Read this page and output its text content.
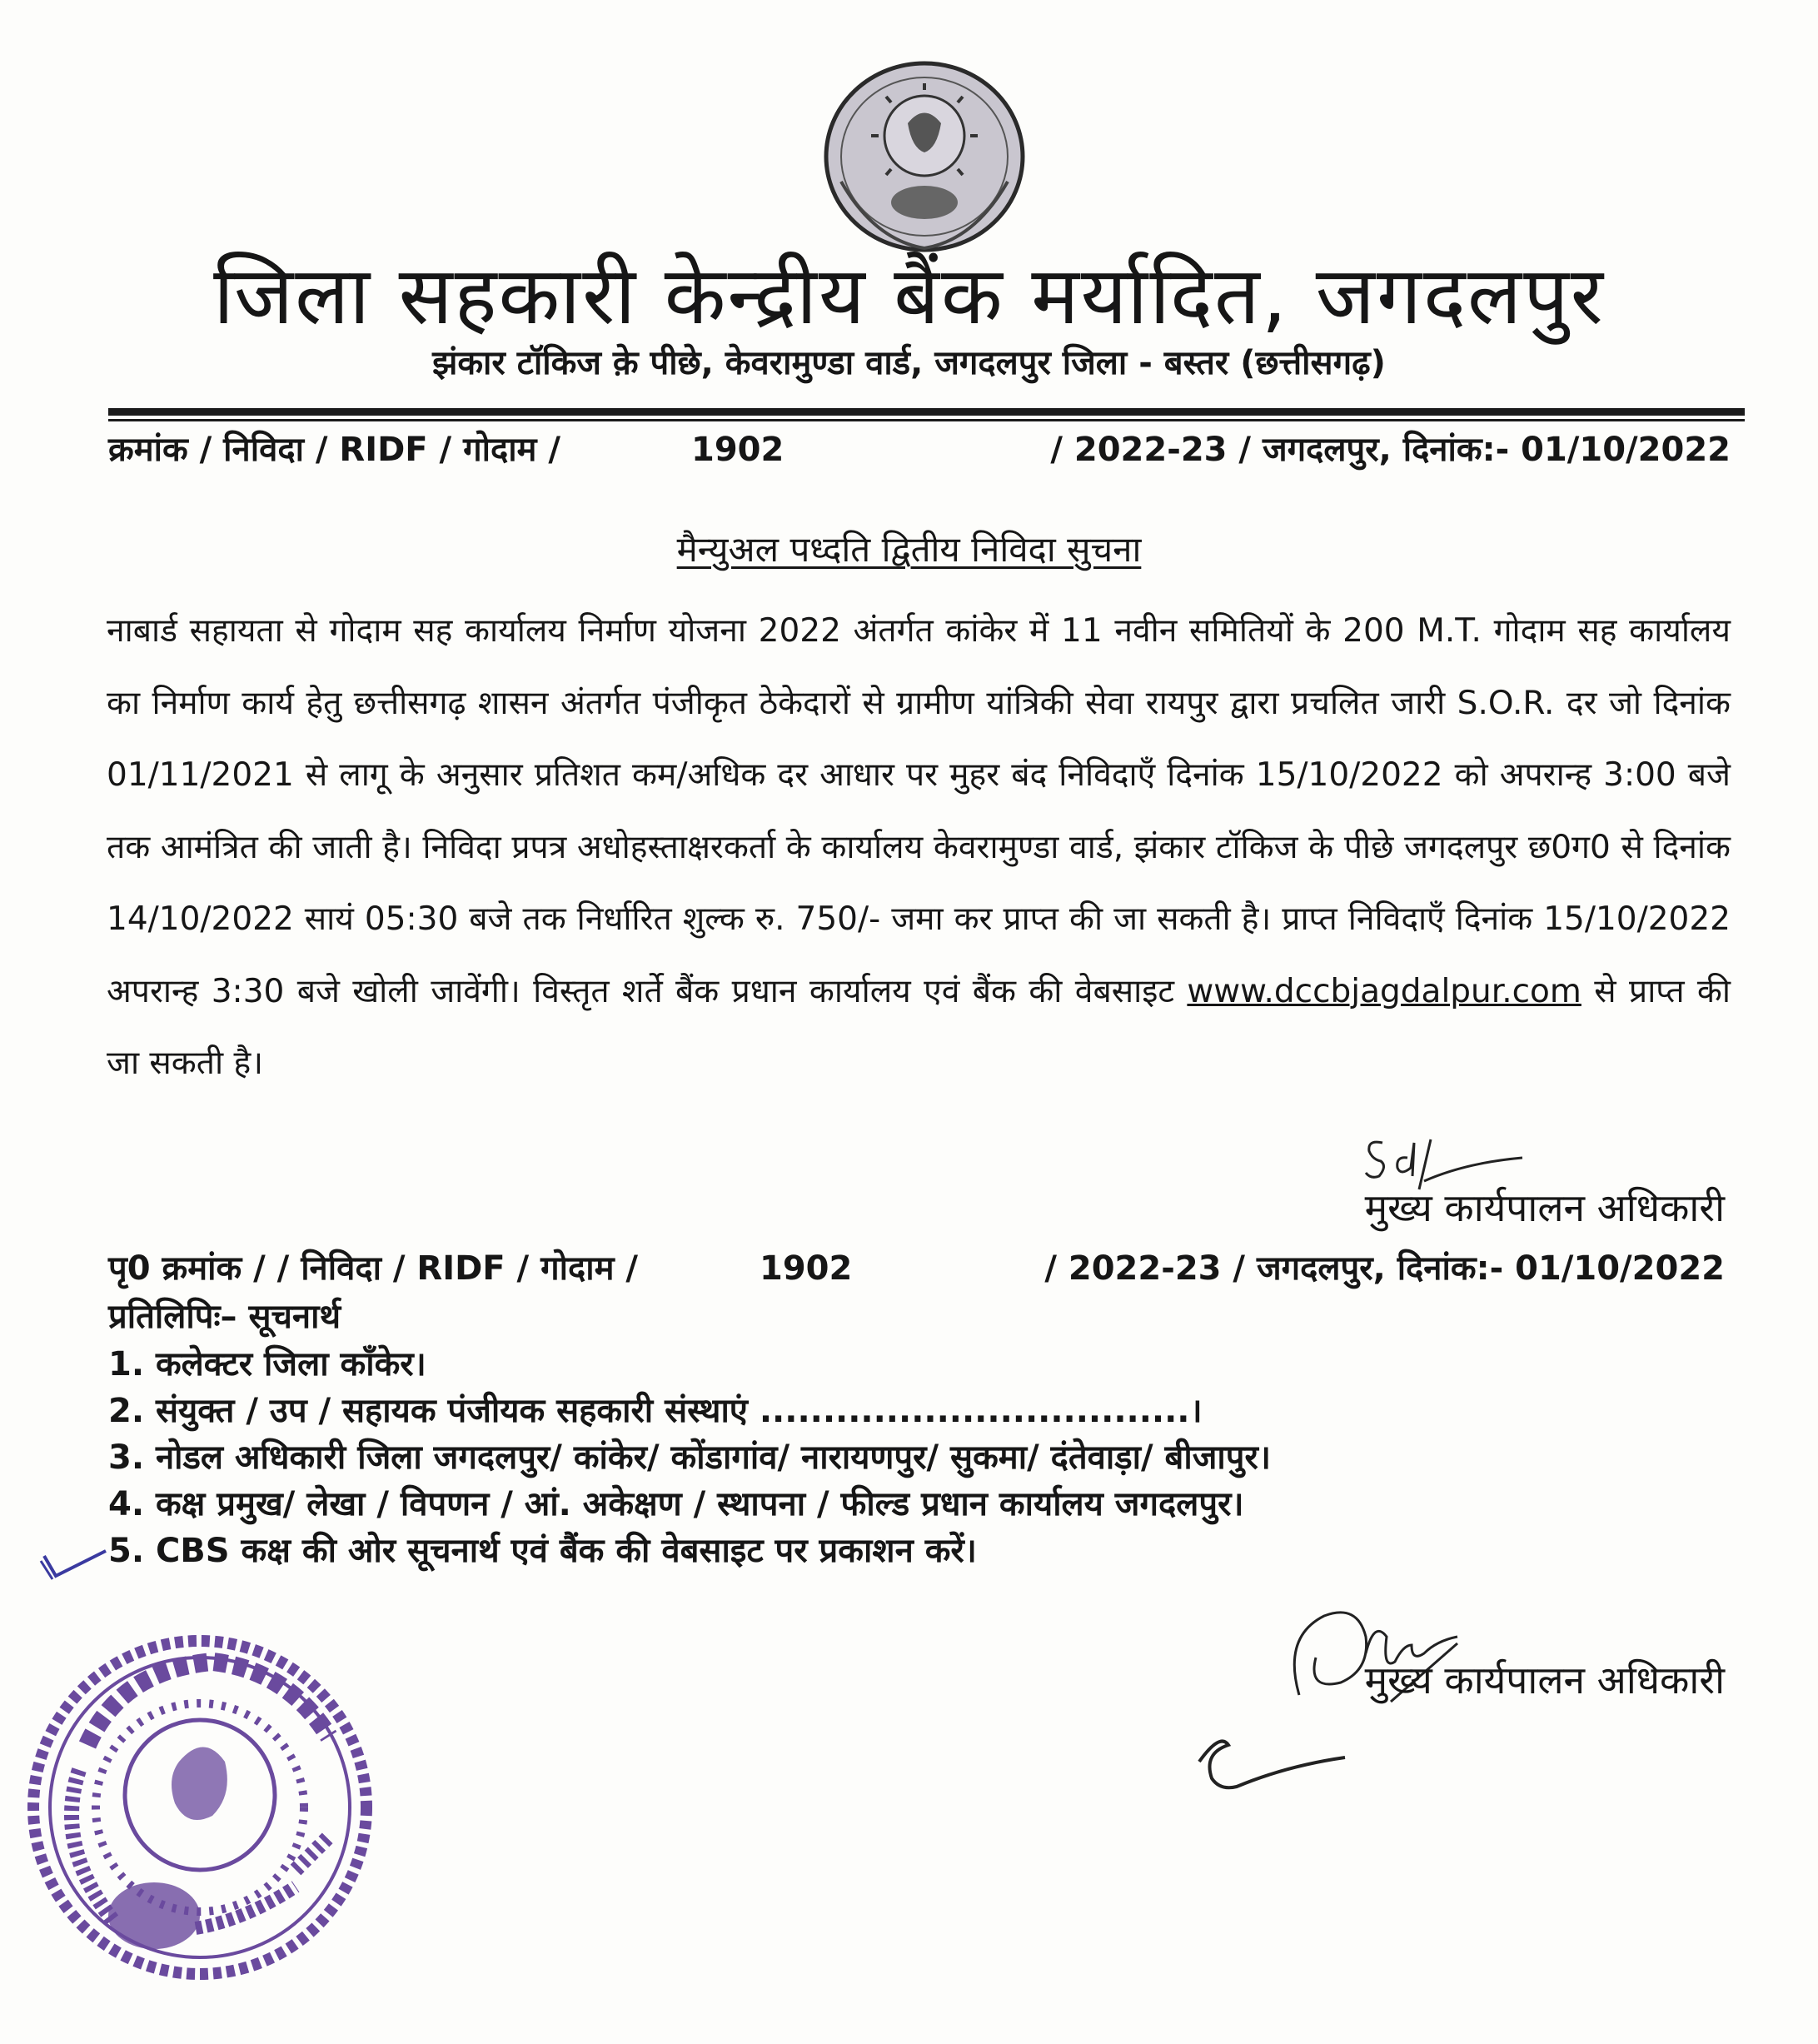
जिला सहकारी केन्द्रीय बैंक मर्यादित, जगदलपुर
झंकार टॉकिज क़े पीछे, केवरामुण्डा वार्ड, जगदलपुर जिला - बस्तर (छत्तीसगढ़)
क्रमांक / निविदा / RIDF / गोदाम /	1902	/ 2022-23 / जगदलपुर, दिनांक:- 01/10/2022
मैन्युअल पध्दति द्वितीय निविदा सुचना
नाबार्ड सहायता से गोदाम सह कार्यालय निर्माण योजना 2022 अंतर्गत कांकेर में 11 नवीन समितियों के 200 M.T. गोदाम सह कार्यालय का निर्माण कार्य हेतु छत्तीसगढ़ शासन अंतर्गत पंजीकृत ठेकेदारों से ग्रामीण यांत्रिकी सेवा रायपुर द्वारा प्रचलित जारी S.O.R. दर जो दिनांक 01/11/2021 से लागू के अनुसार प्रतिशत कम/अधिक दर आधार पर मुहर बंद निविदाएँ दिनांक 15/10/2022 को अपरान्ह 3:00 बजे तक आमंत्रित की जाती है। निविदा प्रपत्र अधोहस्ताक्षरकर्ता के कार्यालय केवरामुण्डा वार्ड, झंकार टॉकिज के पीछे जगदलपुर छ0ग0 से दिनांक 14/10/2022 सायं 05:30 बजे तक निर्धारित शुल्क रु. 750/- जमा कर प्राप्त की जा सकती है। प्राप्त निविदाएँ दिनांक 15/10/2022 अपरान्ह 3:30 बजे खोली जावेंगी। विस्तृत शर्ते बैंक प्रधान कार्यालय एवं बैंक की वेबसाइट www.dccbjagdalpur.com से प्राप्त की जा सकती है।
मुख्य कार्यपालन अधिकारी
पृ0 क्रमांक / / निविदा / RIDF / गोदाम /	1902	/ 2022-23 / जगदलपुर, दिनांक:- 01/10/2022
प्रतिलिपिः– सूचनार्थ
1. कलेक्टर जिला कॉंकेर।
2. संयुक्त / उप / सहायक पंजीयक सहकारी संस्थाएं ..................................।
3. नोडल अधिकारी जिला जगदलपुर/ कांकेर/ कोंडागांव/ नारायणपुर/ सुकमा/ दंतेवाड़ा/ बीजापुर।
4. कक्ष प्रमुख/ लेखा / विपणन / आं. अकेक्षण / स्थापना / फील्ड प्रधान कार्यालय जगदलपुर।
5. CBS कक्ष की ओर सूचनार्थ एवं बैंक की वेबसाइट पर प्रकाशन करें।
मुख्य कार्यपालन अधिकारी
